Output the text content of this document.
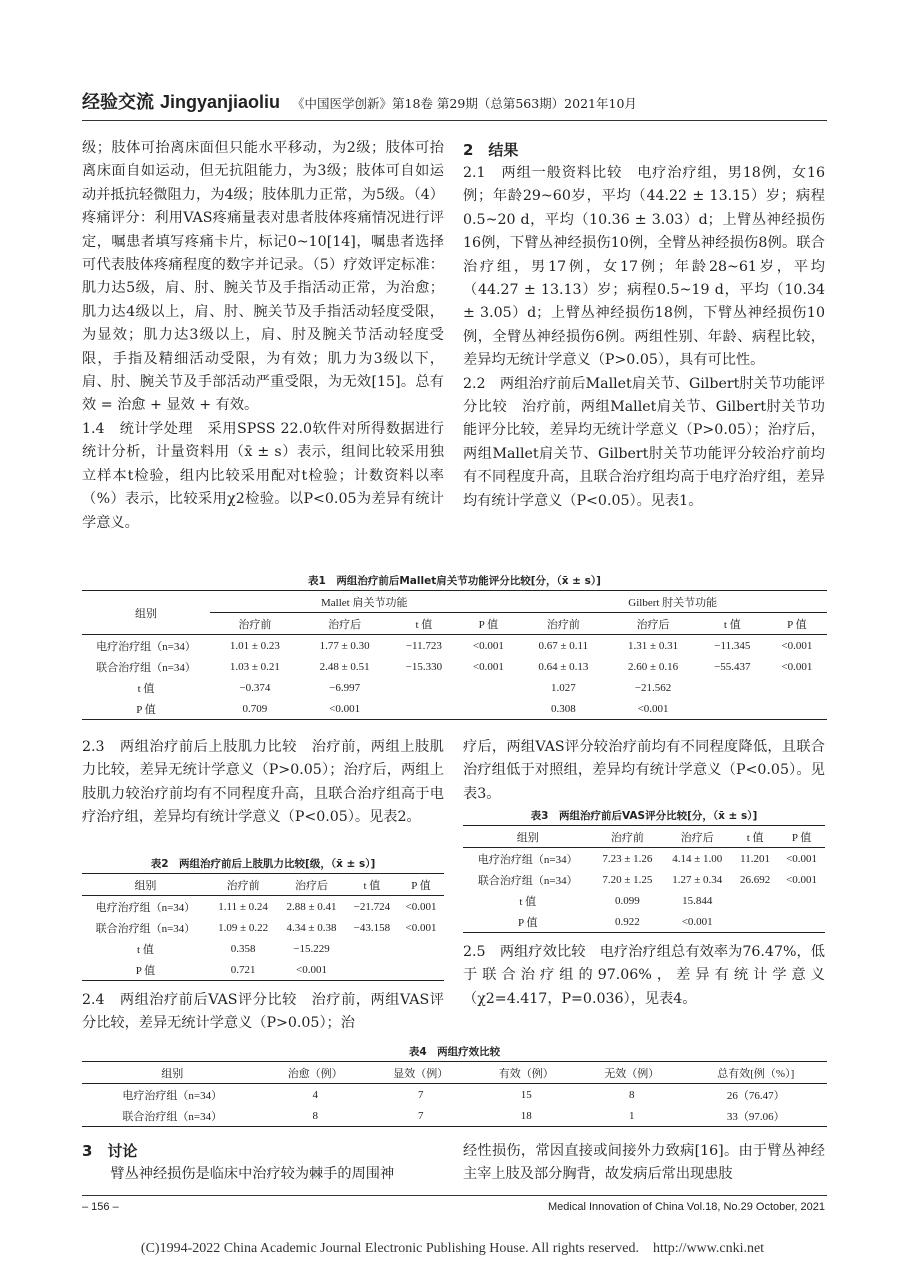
经验交流 Jingyanjiaoliu 《中国医学创新》第18卷 第29期（总第563期）2021年10月

级；肢体可抬离床面但只能水平移动，为2级；肢体可抬离床面自如运动，但无抗阻能力，为3级；肢体可自如运动并抵抗轻微阻力，为4级；肢体肌力正常，为5级。（4）疼痛评分：利用VAS疼痛量表对患者肢体疼痛情况进行评定，嘱患者填写疼痛卡片，标记0~10[14]，嘱患者选择可代表肢体疼痛程度的数字并记录。（5）疗效评定标准：肌力达5级，肩、肘、腕关节及手指活动正常，为治愈；肌力达4级以上，肩、肘、腕关节及手指活动轻度受限，为显效；肌力达3级以上，肩、肘及腕关节活动轻度受限，手指及精细活动受限，为有效；肌力为3级以下，肩、肘、腕关节及手部活动严重受限，为无效[15]。总有效 = 治愈 + 显效 + 有效。

1.4　统计学处理　采用SPSS 22.0软件对所得数据进行统计分析，计量资料用（x̄ ± s）表示，组间比较采用独立样本t检验，组内比较采用配对t检验；计数资料以率（%）表示，比较采用χ2检验。以P<0.05为差异有统计学意义。

2　结果

2.1　两组一般资料比较　电疗治疗组，男18例，女16例；年龄29~60岁，平均（44.22 ± 13.15）岁；病程0.5~20 d，平均（10.36 ± 3.03）d；上臂丛神经损伤16例，下臂丛神经损伤10例，全臂丛神经损伤8例。联合治疗组，男17例，女17例；年龄28~61岁，平均（44.27 ± 13.13）岁；病程0.5~19 d，平均（10.34 ± 3.05）d；上臂丛神经损伤18例，下臂丛神经损伤10例，全臂丛神经损伤6例。两组性别、年龄、病程比较，差异均无统计学意义（P>0.05），具有可比性。

2.2　两组治疗前后Mallet肩关节、Gilbert肘关节功能评分比较　治疗前，两组Mallet肩关节、Gilbert肘关节功能评分比较，差异均无统计学意义（P>0.05）；治疗后，两组Mallet肩关节、Gilbert肘关节功能评分较治疗前均有不同程度升高，且联合治疗组均高于电疗治疗组，差异均有统计学意义（P<0.05）。见表1。

表1　两组治疗前后Mallet肩关节功能评分比较[分，（x̄ ± s）]
组别	Mallet 肩关节功能				Gilbert 肘关节功能			
	治疗前	治疗后	t 值	P 值	治疗前	治疗后	t 值	P 值
电疗治疗组（n=34）	1.01 ± 0.23	1.77 ± 0.30	−11.723	<0.001	0.67 ± 0.11	1.31 ± 0.31	−11.345	<0.001
联合治疗组（n=34）	1.03 ± 0.21	2.48 ± 0.51	−15.330	<0.001	0.64 ± 0.13	2.60 ± 0.16	−55.437	<0.001
t 值	−0.374	−6.997			1.027	−21.562		
P 值	0.709	<0.001			0.308	<0.001		

2.3　两组治疗前后上肢肌力比较　治疗前，两组上肢肌力比较，差异无统计学意义（P>0.05）；治疗后，两组上肢肌力较治疗前均有不同程度升高，且联合治疗组高于电疗治疗组，差异均有统计学意义（P<0.05）。见表2。

表2　两组治疗前后上肢肌力比较[级，（x̄ ± s）]
组别	治疗前	治疗后	t 值	P 值
电疗治疗组（n=34）	1.11 ± 0.24	2.88 ± 0.41	−21.724	<0.001
联合治疗组（n=34）	1.09 ± 0.22	4.34 ± 0.38	−43.158	<0.001
t 值	0.358	−15.229		
P 值	0.721	<0.001		

2.4　两组治疗前后VAS评分比较　治疗前，两组VAS评分比较，差异无统计学意义（P>0.05）；治

疗后，两组VAS评分较治疗前均有不同程度降低，且联合治疗组低于对照组，差异均有统计学意义（P<0.05）。见表3。

表3　两组治疗前后VAS评分比较[分，（x̄ ± s）]
组别	治疗前	治疗后	t 值	P 值
电疗治疗组（n=34）	7.23 ± 1.26	4.14 ± 1.00	11.201	<0.001
联合治疗组（n=34）	7.20 ± 1.25	1.27 ± 0.34	26.692	<0.001
t 值	0.099	15.844		
P 值	0.922	<0.001		

2.5　两组疗效比较　电疗治疗组总有效率为76.47%，低于联合治疗组的97.06%，差异有统计学意义（χ2=4.417，P=0.036），见表4。

表4　两组疗效比较
组别	治愈（例）	显效（例）	有效（例）	无效（例）	总有效[例（%）]
电疗治疗组（n=34）	4	7	15	8	26（76.47）
联合治疗组（n=34）	8	7	18	1	33（97.06）
3　讨论

臂丛神经损伤是临床中治疗较为棘手的周围神

经性损伤，常因直接或间接外力致病[16]。由于臂丛神经主宰上肢及部分胸背，故发病后常出现患肢

– 156 –	Medical Innovation of China Vol.18, No.29 October, 2021
(C)1994-2022 China Academic Journal Electronic Publishing House. All rights reserved.　http://www.cnki.net
